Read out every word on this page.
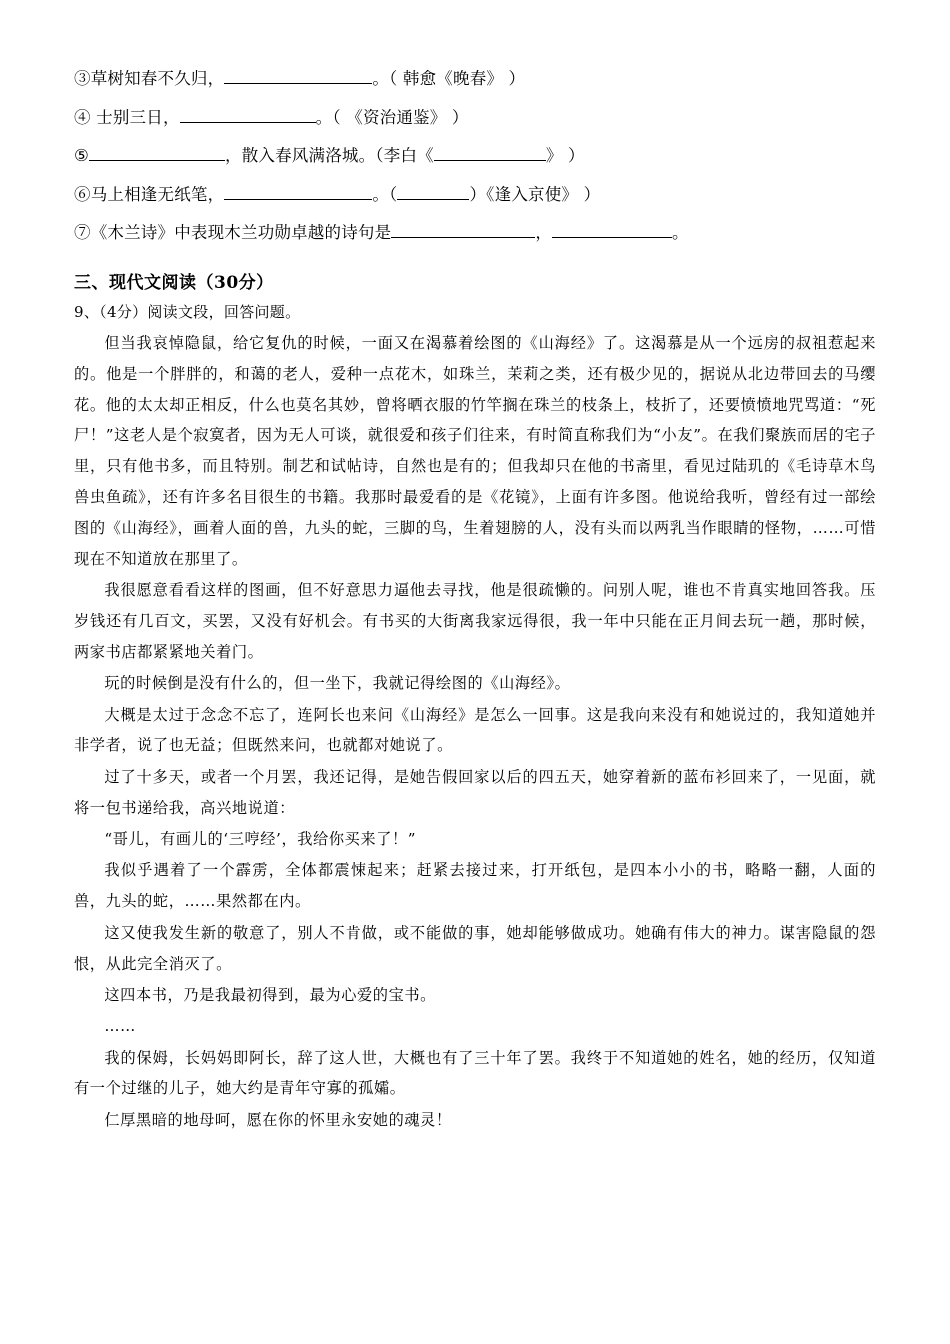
③草树知春不久归，	。（ 韩愈《晚春》 ）
④ 士别三日，	。（ 《资治通鉴》 ）
⑤	，散入春风满洛城。（李白《	》 ）
⑥马上相逢无纸笔，	。（	）《逢入京使》 ）
⑦《木兰诗》中表现木兰功勋卓越的诗句是	，	。
三、现代文阅读（30分）
9、（4分）阅读文段，回答问题。

但当我哀悼隐鼠，给它复仇的时候，一面又在渴慕着绘图的《山海经》了。这渴慕是从一个远房的叔祖惹起来的。他是一个胖胖的，和蔼的老人，爱种一点花木，如珠兰，茉莉之类，还有极少见的，据说从北边带回去的马缨花。他的太太却正相反，什么也莫名其妙，曾将晒衣服的竹竿搁在珠兰的枝条上，枝折了，还要愤愤地咒骂道：“死尸！”这老人是个寂寞者，因为无人可谈，就很爱和孩子们往来，有时简直称我们为“小友”。在我们聚族而居的宅子里，只有他书多，而且特别。制艺和试帖诗，自然也是有的；但我却只在他的书斋里，看见过陆玑的《毛诗草木鸟兽虫鱼疏》，还有许多名目很生的书籍。我那时最爱看的是《花镜》，上面有许多图。他说给我听，曾经有过一部绘图的《山海经》，画着人面的兽，九头的蛇，三脚的鸟，生着翅膀的人，没有头而以两乳当作眼睛的怪物，……可惜现在不知道放在那里了。

我很愿意看看这样的图画，但不好意思力逼他去寻找，他是很疏懒的。问别人呢，谁也不肯真实地回答我。压岁钱还有几百文，买罢，又没有好机会。有书买的大街离我家远得很，我一年中只能在正月间去玩一趟，那时候，两家书店都紧紧地关着门。

玩的时候倒是没有什么的，但一坐下，我就记得绘图的《山海经》。

大概是太过于念念不忘了，连阿长也来问《山海经》是怎么一回事。这是我向来没有和她说过的，我知道她并非学者，说了也无益；但既然来问，也就都对她说了。

过了十多天，或者一个月罢，我还记得，是她告假回家以后的四五天，她穿着新的蓝布衫回来了，一见面，就将一包书递给我，高兴地说道：

“哥儿，有画儿的‘三哼经’，我给你买来了！”

我似乎遇着了一个霹雳，全体都震悚起来；赶紧去接过来，打开纸包，是四本小小的书，略略一翻，人面的兽，九头的蛇，……果然都在内。

这又使我发生新的敬意了，别人不肯做，或不能做的事，她却能够做成功。她确有伟大的神力。谋害隐鼠的怨恨，从此完全消灭了。

这四本书，乃是我最初得到，最为心爱的宝书。

……

我的保姆，长妈妈即阿长，辞了这人世，大概也有了三十年了罢。我终于不知道她的姓名，她的经历，仅知道有一个过继的儿子，她大约是青年守寡的孤孀。

仁厚黑暗的地母呵，愿在你的怀里永安她的魂灵！
